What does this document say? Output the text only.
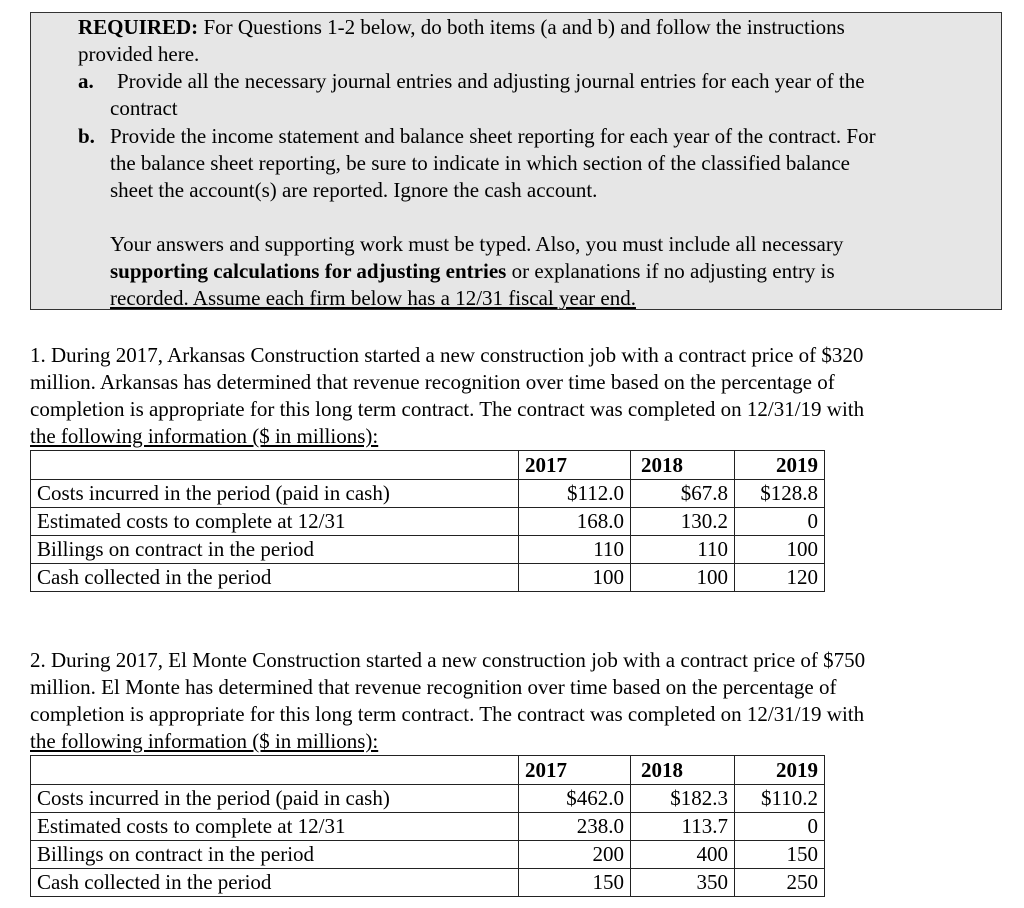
REQUIRED: For Questions 1-2 below, do both items (a and b) and follow the instructions
provided here.
a. Provide all the necessary journal entries and adjusting journal entries for each year of the
contract
b. Provide the income statement and balance sheet reporting for each year of the contract. For
the balance sheet reporting, be sure to indicate in which section of the classified balance
sheet the account(s) are reported. Ignore the cash account.
Your answers and supporting work must be typed. Also, you must include all necessary
supporting calculations for adjusting entries or explanations if no adjusting entry is
recorded. Assume each firm below has a 12/31 fiscal year end.
1. During 2017, Arkansas Construction started a new construction job with a contract price of $320
million. Arkansas has determined that revenue recognition over time based on the percentage of
completion is appropriate for this long term contract. The contract was completed on 12/31/19 with
the following information ($ in millions):
	2017	2018	2019
Costs incurred in the period (paid in cash)	$112.0	$67.8	$128.8
Estimated costs to complete at 12/31	168.0	130.2	0
Billings on contract in the period	110	110	100
Cash collected in the period	100	100	120
2. During 2017, El Monte Construction started a new construction job with a contract price of $750
million. El Monte has determined that revenue recognition over time based on the percentage of
completion is appropriate for this long term contract. The contract was completed on 12/31/19 with
the following information ($ in millions):
	2017	2018	2019
Costs incurred in the period (paid in cash)	$462.0	$182.3	$110.2
Estimated costs to complete at 12/31	238.0	113.7	0
Billings on contract in the period	200	400	150
Cash collected in the period	150	350	250
